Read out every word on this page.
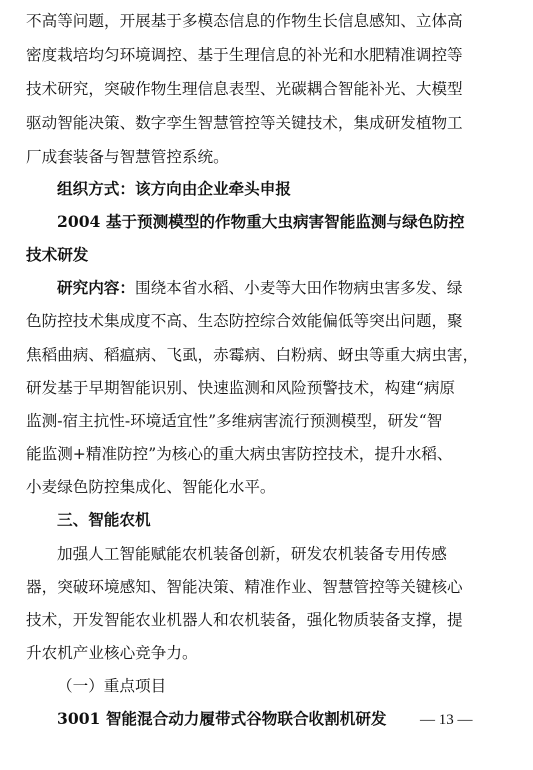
不高等问题，开展基于多模态信息的作物生长信息感知、立体高
密度栽培均匀环境调控、基于生理信息的补光和水肥精准调控等
技术研究，突破作物生理信息表型、光碳耦合智能补光、大模型
驱动智能决策、数字孪生智慧管控等关键技术，集成研发植物工
厂成套装备与智慧管控系统。
组织方式：该方向由企业牵头申报
2004 基于预测模型的作物重大虫病害智能监测与绿色防控
技术研发
研究内容：围绕本省水稻、小麦等大田作物病虫害多发、绿
色防控技术集成度不高、生态防控综合效能偏低等突出问题，聚
焦稻曲病、稻瘟病、飞虱，赤霉病、白粉病、蚜虫等重大病虫害，
研发基于早期智能识别、快速监测和风险预警技术，构建“病原
监测-宿主抗性-环境适宜性”多维病害流行预测模型，研发“智
能监测+精准防控”为核心的重大病虫害防控技术，提升水稻、
小麦绿色防控集成化、智能化水平。
三、智能农机
加强人工智能赋能农机装备创新，研发农机装备专用传感
器，突破环境感知、智能决策、精准作业、智慧管控等关键核心
技术，开发智能农业机器人和农机装备，强化物质装备支撑，提
升农机产业核心竞争力。
（一）重点项目
3001 智能混合动力履带式谷物联合收割机研发 — 13 —
